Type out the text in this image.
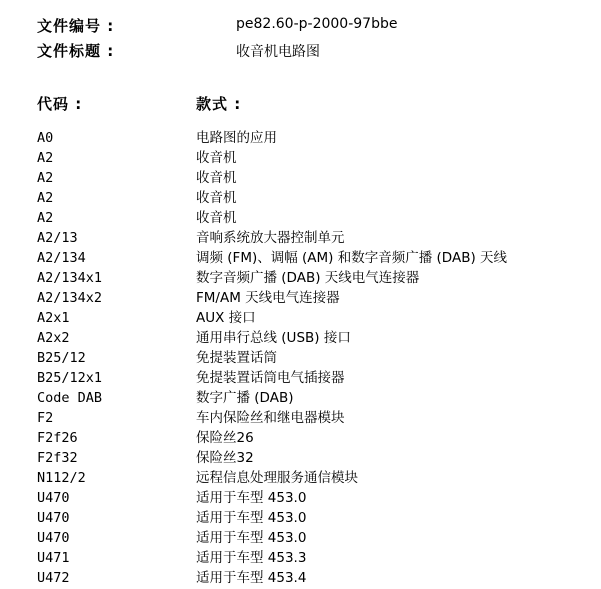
文件编号 :	pe82.60-p-2000-97bbe
文件标题 :	收音机电路图
代码 :	款式 :
A0	电路图的应用
A2	收音机
A2	收音机
A2	收音机
A2	收音机
A2/13	音响系统放大器控制单元
A2/134	调频 (FM)、调幅 (AM) 和数字音频广播 (DAB) 天线
A2/134x1	数字音频广播 (DAB) 天线电气连接器
A2/134x2	FM/AM 天线电气连接器
A2x1	AUX 接口
A2x2	通用串行总线 (USB) 接口
B25/12	免提装置话筒
B25/12x1	免提装置话筒电气插接器
Code DAB	数字广播 (DAB)
F2	车内保险丝和继电器模块
F2f26	保险丝26
F2f32	保险丝32
N112/2	远程信息处理服务通信模块
U470	适用于车型 453.0
U470	适用于车型 453.0
U470	适用于车型 453.0
U471	适用于车型 453.3
U472	适用于车型 453.4
